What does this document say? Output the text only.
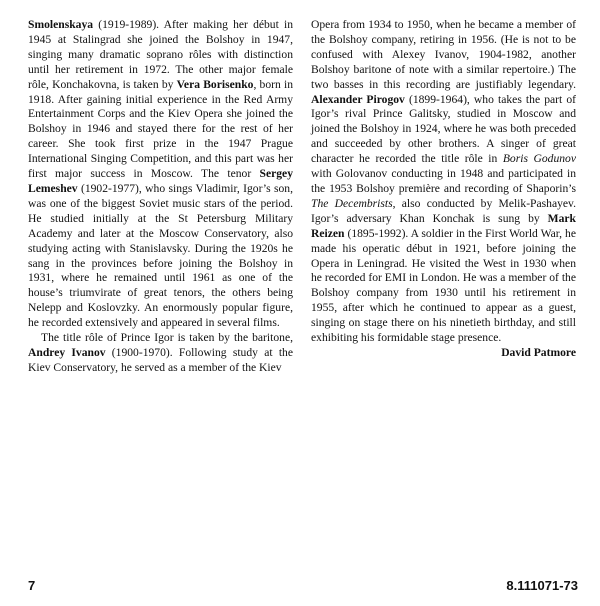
Smolenskaya (1919-1989). After making her début in 1945 at Stalingrad she joined the Bolshoy in 1947, singing many dramatic soprano rôles with distinction until her retirement in 1972. The other major female rôle, Konchakovna, is taken by Vera Borisenko, born in 1918. After gaining initial experience in the Red Army Entertainment Corps and the Kiev Opera she joined the Bolshoy in 1946 and stayed there for the rest of her career. She took first prize in the 1947 Prague International Singing Competition, and this part was her first major success in Moscow. The tenor Sergey Lemeshev (1902-1977), who sings Vladimir, Igor’s son, was one of the biggest Soviet music stars of the period. He studied initially at the St Petersburg Military Academy and later at the Moscow Conservatory, also studying acting with Stanislavsky. During the 1920s he sang in the provinces before joining the Bolshoy in 1931, where he remained until 1961 as one of the house’s triumvirate of great tenors, the others being Nelepp and Koslovzky. An enormously popular figure, he recorded extensively and appeared in several films.

The title rôle of Prince Igor is taken by the baritone, Andrey Ivanov (1900-1970). Following study at the Kiev Conservatory, he served as a member of the Kiev

Opera from 1934 to 1950, when he became a member of the Bolshoy company, retiring in 1956. (He is not to be confused with Alexey Ivanov, 1904-1982, another Bolshoy baritone of note with a similar repertoire.) The two basses in this recording are justifiably legendary. Alexander Pirogov (1899-1964), who takes the part of Igor’s rival Prince Galitsky, studied in Moscow and joined the Bolshoy in 1924, where he was both preceded and succeeded by other brothers. A singer of great character he recorded the title rôle in Boris Godunov with Golovanov conducting in 1948 and participated in the 1953 Bolshoy première and recording of Shaporin’s The Decembrists, also conducted by Melik-Pashayev. Igor’s adversary Khan Konchak is sung by Mark Reizen (1895-1992). A soldier in the First World War, he made his operatic début in 1921, before joining the Opera in Leningrad. He visited the West in 1930 when he recorded for EMI in London. He was a member of the Bolshoy company from 1930 until his retirement in 1955, after which he continued to appear as a guest, singing on stage there on his ninetieth birthday, and still exhibiting his formidable stage presence.

David Patmore

7	8.111071-73
